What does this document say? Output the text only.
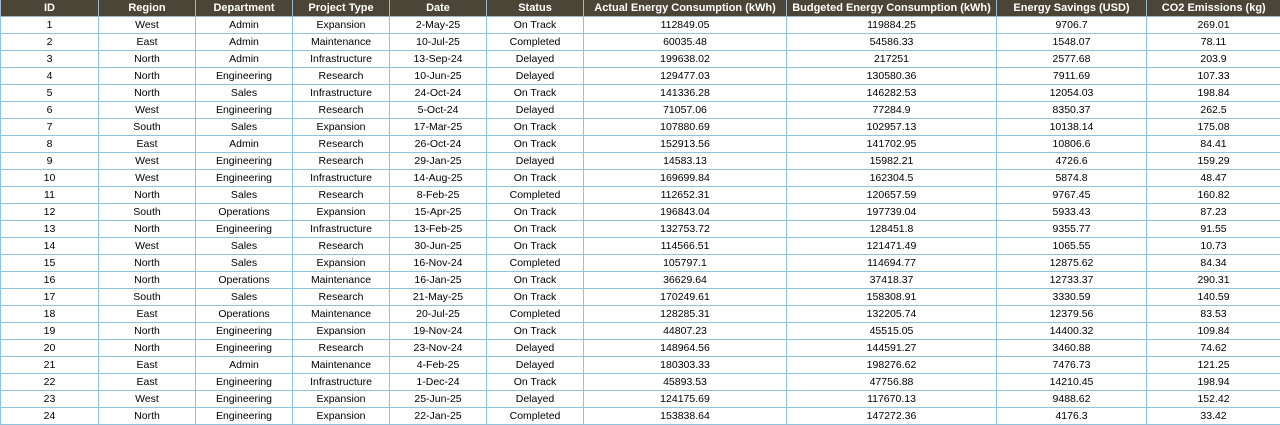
ID	Region	Department	Project Type	Date	Status	Actual Energy Consumption (kWh)	Budgeted Energy Consumption (kWh)	Energy Savings (USD)	CO2 Emissions (kg)
1	West	Admin	Expansion	2-May-25	On Track	112849.05	119884.25	9706.7	269.01
2	East	Admin	Maintenance	10-Jul-25	Completed	60035.48	54586.33	1548.07	78.11
3	North	Admin	Infrastructure	13-Sep-24	Delayed	199638.02	217251	2577.68	203.9
4	North	Engineering	Research	10-Jun-25	Delayed	129477.03	130580.36	7911.69	107.33
5	North	Sales	Infrastructure	24-Oct-24	On Track	141336.28	146282.53	12054.03	198.84
6	West	Engineering	Research	5-Oct-24	Delayed	71057.06	77284.9	8350.37	262.5
7	South	Sales	Expansion	17-Mar-25	On Track	107880.69	102957.13	10138.14	175.08
8	East	Admin	Research	26-Oct-24	On Track	152913.56	141702.95	10806.6	84.41
9	West	Engineering	Research	29-Jan-25	Delayed	14583.13	15982.21	4726.6	159.29
10	West	Engineering	Infrastructure	14-Aug-25	On Track	169699.84	162304.5	5874.8	48.47
11	North	Sales	Research	8-Feb-25	Completed	112652.31	120657.59	9767.45	160.82
12	South	Operations	Expansion	15-Apr-25	On Track	196843.04	197739.04	5933.43	87.23
13	North	Engineering	Infrastructure	13-Feb-25	On Track	132753.72	128451.8	9355.77	91.55
14	West	Sales	Research	30-Jun-25	On Track	114566.51	121471.49	1065.55	10.73
15	North	Sales	Expansion	16-Nov-24	Completed	105797.1	114694.77	12875.62	84.34
16	North	Operations	Maintenance	16-Jan-25	On Track	36629.64	37418.37	12733.37	290.31
17	South	Sales	Research	21-May-25	On Track	170249.61	158308.91	3330.59	140.59
18	East	Operations	Maintenance	20-Jul-25	Completed	128285.31	132205.74	12379.56	83.53
19	North	Engineering	Expansion	19-Nov-24	On Track	44807.23	45515.05	14400.32	109.84
20	North	Engineering	Research	23-Nov-24	Delayed	148964.56	144591.27	3460.88	74.62
21	East	Admin	Maintenance	4-Feb-25	Delayed	180303.33	198276.62	7476.73	121.25
22	East	Engineering	Infrastructure	1-Dec-24	On Track	45893.53	47756.88	14210.45	198.94
23	West	Engineering	Expansion	25-Jun-25	Delayed	124175.69	117670.13	9488.62	152.42
24	North	Engineering	Expansion	22-Jan-25	Completed	153838.64	147272.36	4176.3	33.42
